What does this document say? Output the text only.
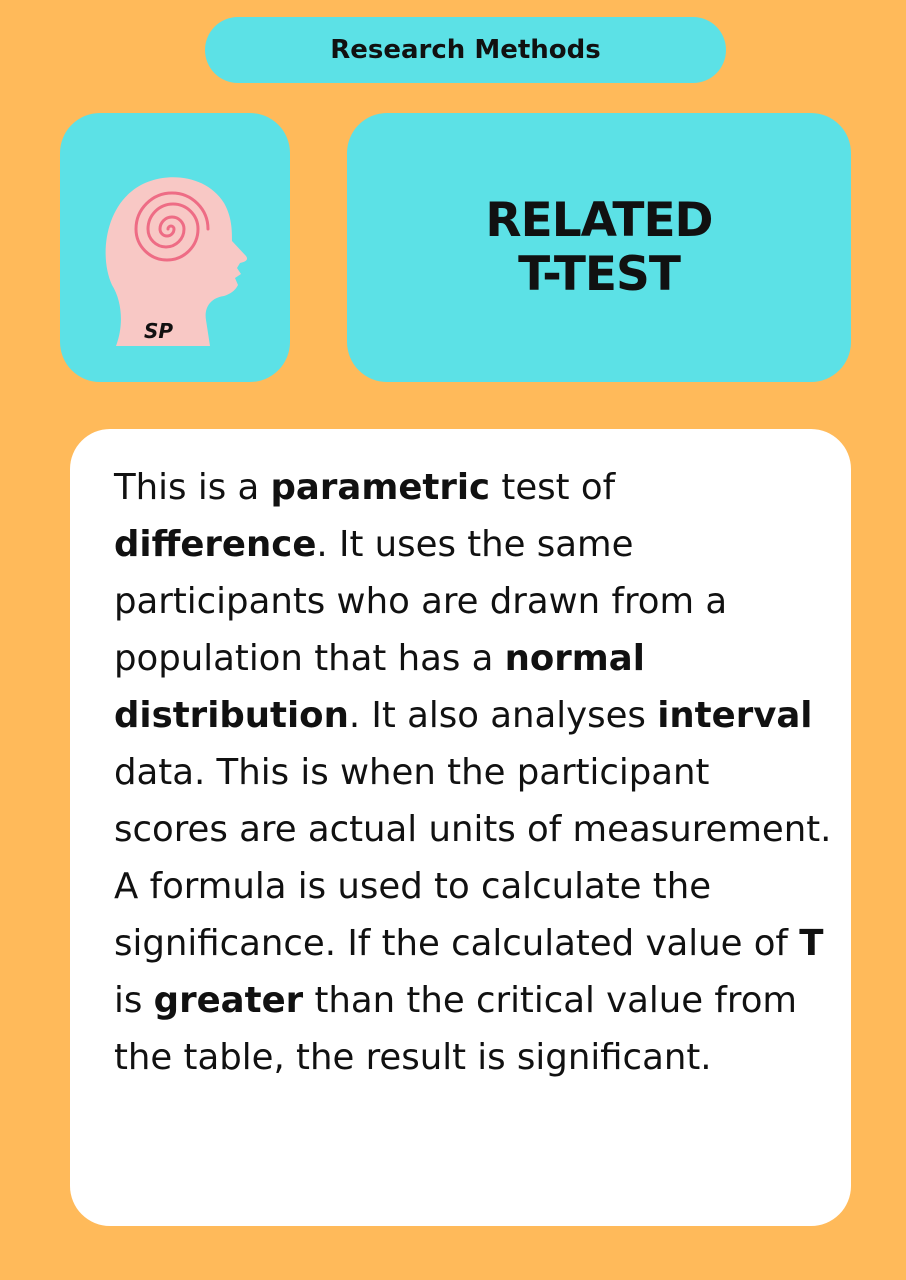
Research Methods
SP
RELATED
T-TEST

This is a parametric test of difference. It uses the same participants who are drawn from a population that has a normal distribution. It also analyses interval data. This is when the participant scores are actual units of measurement. A formula is used to calculate the significance. If the calculated value of T is greater than the critical value from the table, the result is significant.
